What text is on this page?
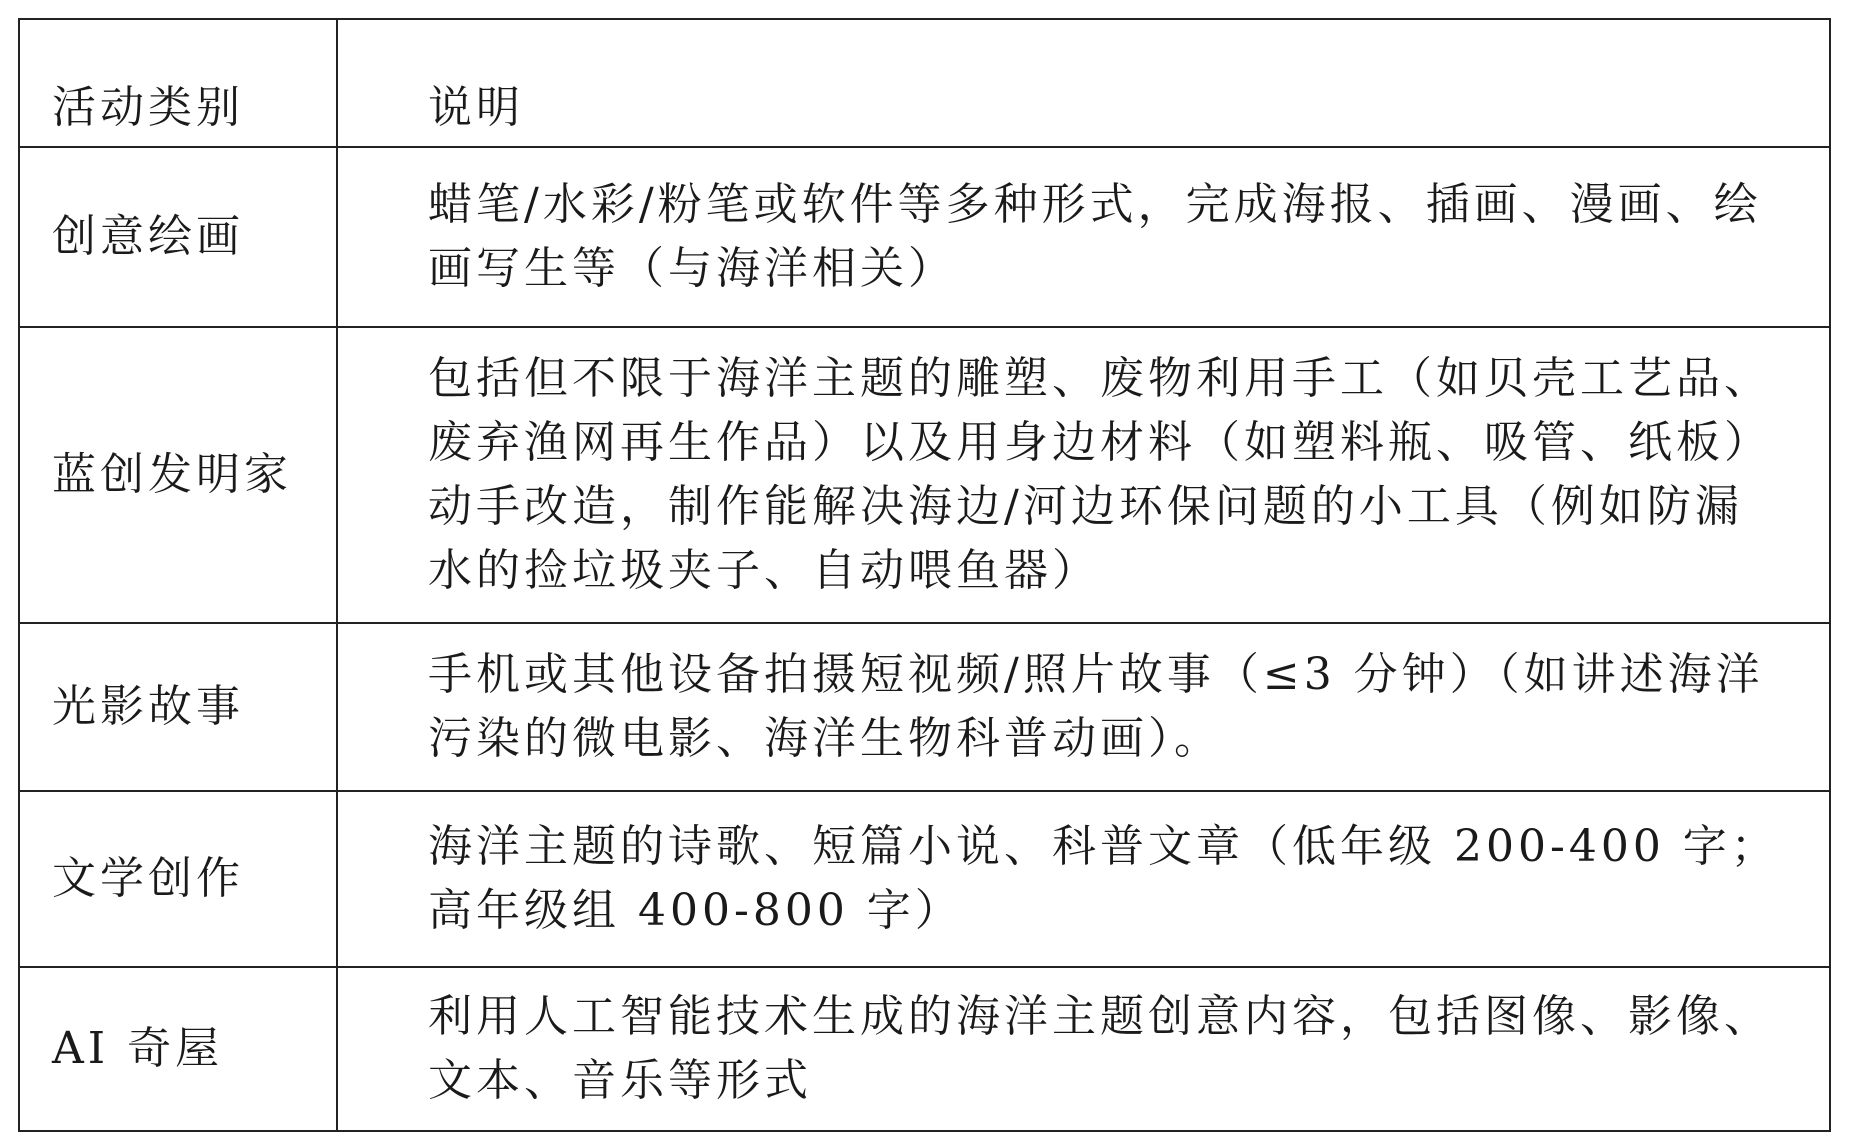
活动类别	说明
创意绘画	蜡笔/水彩/粉笔或软件等多种形式，完成海报、插画、漫画、绘画写生等（与海洋相关）
蓝创发明家	包括但不限于海洋主题的雕塑、废物利用手工（如贝壳工艺品、废弃渔网再生作品）以及用身边材料（如塑料瓶、吸管、纸板）动手改造，制作能解决海边/河边环保问题的小工具（例如防漏水的捡垃圾夹子、自动喂鱼器）
光影故事	手机或其他设备拍摄短视频/照片故事（≤3 分钟）（如讲述海洋污染的微电影、海洋生物科普动画）。
文学创作	海洋主题的诗歌、短篇小说、科普文章（低年级 200-400 字；高年级组 400-800 字）
AI 奇屋	利用人工智能技术生成的海洋主题创意内容，包括图像、影像、文本、音乐等形式
